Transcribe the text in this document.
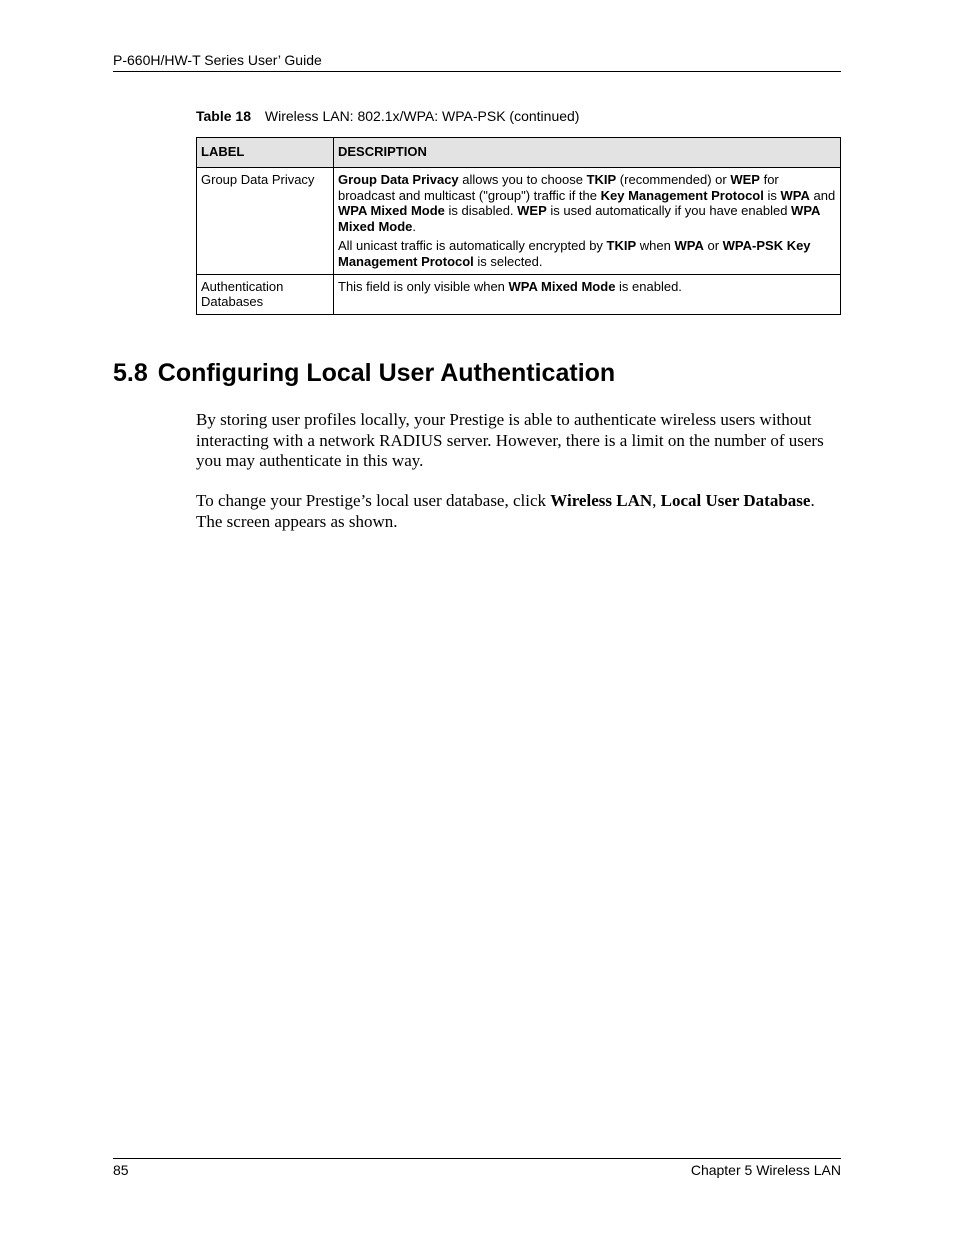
P-660H/HW-T Series User’ Guide
Table 18 Wireless LAN: 802.1x/WPA: WPA-PSK (continued)
LABEL	DESCRIPTION
Group Data Privacy	Group Data Privacy allows you to choose TKIP (recommended) or WEP for broadcast and multicast ("group") traffic if the Key Management Protocol is WPA and WPA Mixed Mode is disabled. WEP is used automatically if you have enabled WPA Mixed Mode.

All unicast traffic is automatically encrypted by TKIP when WPA or WPA-PSK Key Management Protocol is selected.

Authentication Databases	This field is only visible when WPA Mixed Mode is enabled.

5.8 Configuring Local User Authentication

By storing user profiles locally, your Prestige is able to authenticate wireless users without interacting with a network RADIUS server. However, there is a limit on the number of users you may authenticate in this way.

To change your Prestige’s local user database, click Wireless LAN, Local User Database. The screen appears as shown.

85	Chapter 5 Wireless LAN
